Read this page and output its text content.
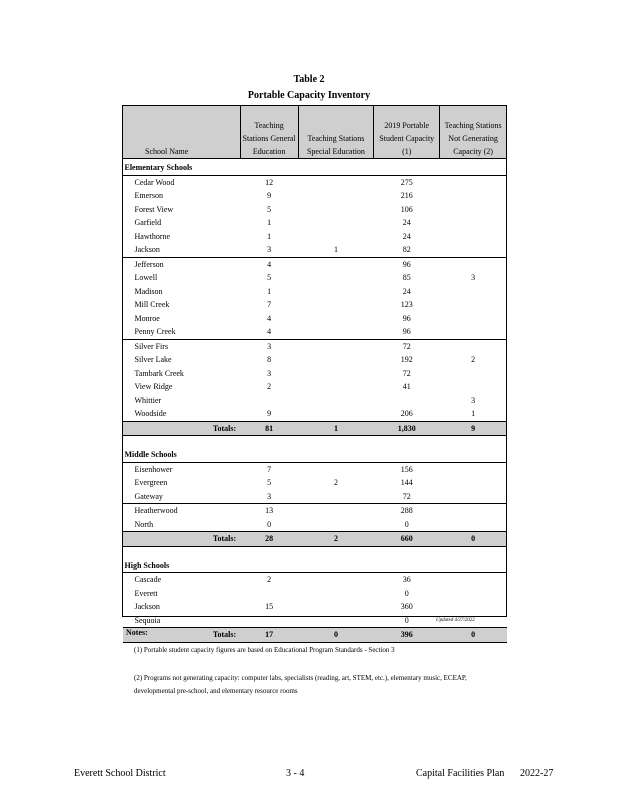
Table 2
Portable Capacity Inventory
School Name	Teaching Stations General Education	Teaching Stations Special Education	2019 Portable Student Capacity (1)	Teaching Stations Not Generating Capacity (2)
Elementary Schools				
Cedar Wood	12		275	
Emerson	9		216	
Forest View	5		106	
Garfield	1		24	
Hawthorne	1		24	
Jackson	3	1	82	
Jefferson	4		96	
Lowell	5		85	3
Madison	1		24	
Mill Creek	7		123	
Monroe	4		96	
Penny Creek	4		96	
Silver Firs	3		72	
Silver Lake	8		192	2
Tambark Creek	3		72	
View Ridge	2		41	
Whittier				3
Woodside	9		206	1
Totals:	81	1	1,830	9

Middle Schools				
Eisenhower	7		156	
Evergreen	5	2	144	
Gateway	3		72	
Heatherwood	13		288	
North	0		0	
Totals:	28	2	660	0

High Schools				
Cascade	2		36	
Everett			0	
Jackson	15		360	
Sequoia			0	
Totals:	17	0	396	0
Updated 4/27/2022
Notes:
(1) Portable student capacity figures are based on Educational Program Standards - Section 3
(2) Programs not generating capacity: computer labs, specialists (reading, art, STEM, etc.), elementary music, ECEAP, developmental pre-school, and elementary resource rooms
Everett School District	3 - 4	Capital Facilities Plan 2022-27
